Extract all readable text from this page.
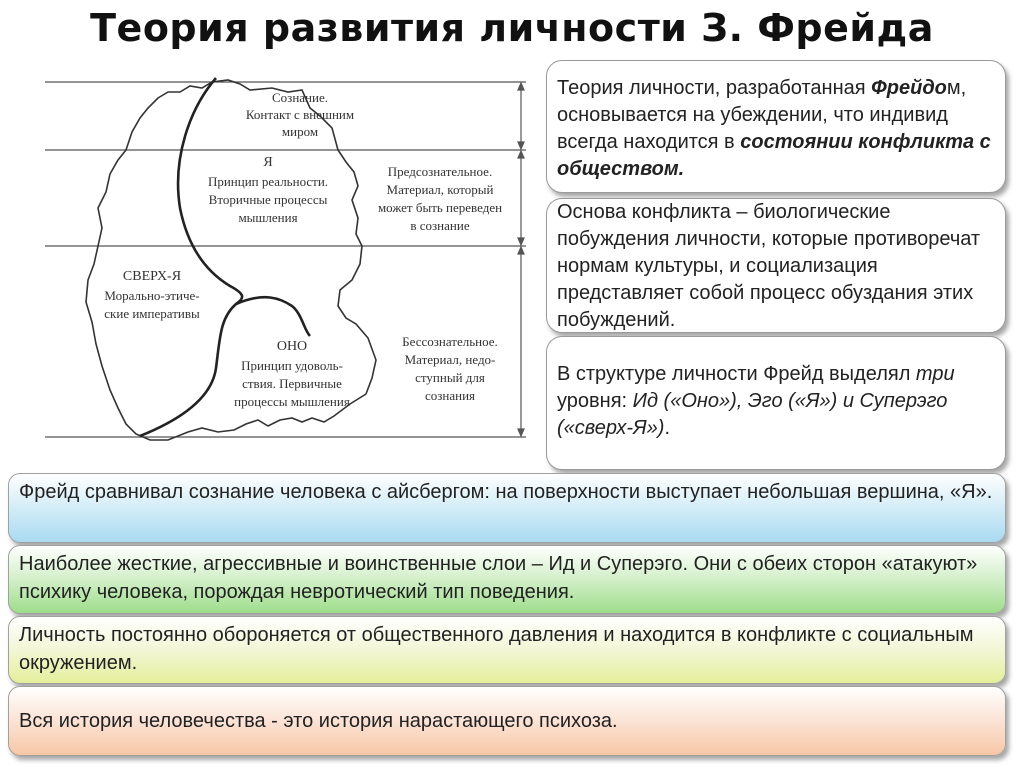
Теория развития личности З. Фрейда
Сознание.
Контакт с внешним
миром
Я
Принцип реальности.
Вторичные процессы
мышления
Предсознательное.
Материал, который
может быть переведен
в сознание
СВЕРХ-Я
Морально-этиче-
ские императивы
ОНО
Принцип удоволь-
ствия. Первичные
процессы мышления
Бессознательное.
Материал, недо-
ступный для
сознания
Теория личности, разработанная Фрейдом, основывается на убеждении, что индивид всегда находится в состоянии конфликта с обществом.
Основа конфликта – биологические побуждения личности, которые противоречат нормам культуры, и социализация представляет собой процесс обуздания этих побуждений.
В структуре личности Фрейд выделял три уровня: Ид («Оно»), Эго («Я») и Суперэго («сверх-Я»).
Фрейд сравнивал сознание человека с айсбергом: на поверхности выступает небольшая вершина, «Я».
Наиболее жесткие, агрессивные и воинственные слои – Ид и Суперэго. Они с обеих сторон «атакуют» психику человека, порождая невротический тип поведения.
Личность постоянно обороняется от общественного давления и находится в конфликте с социальным окружением.
Вся история человечества - это история нарастающего психоза.
